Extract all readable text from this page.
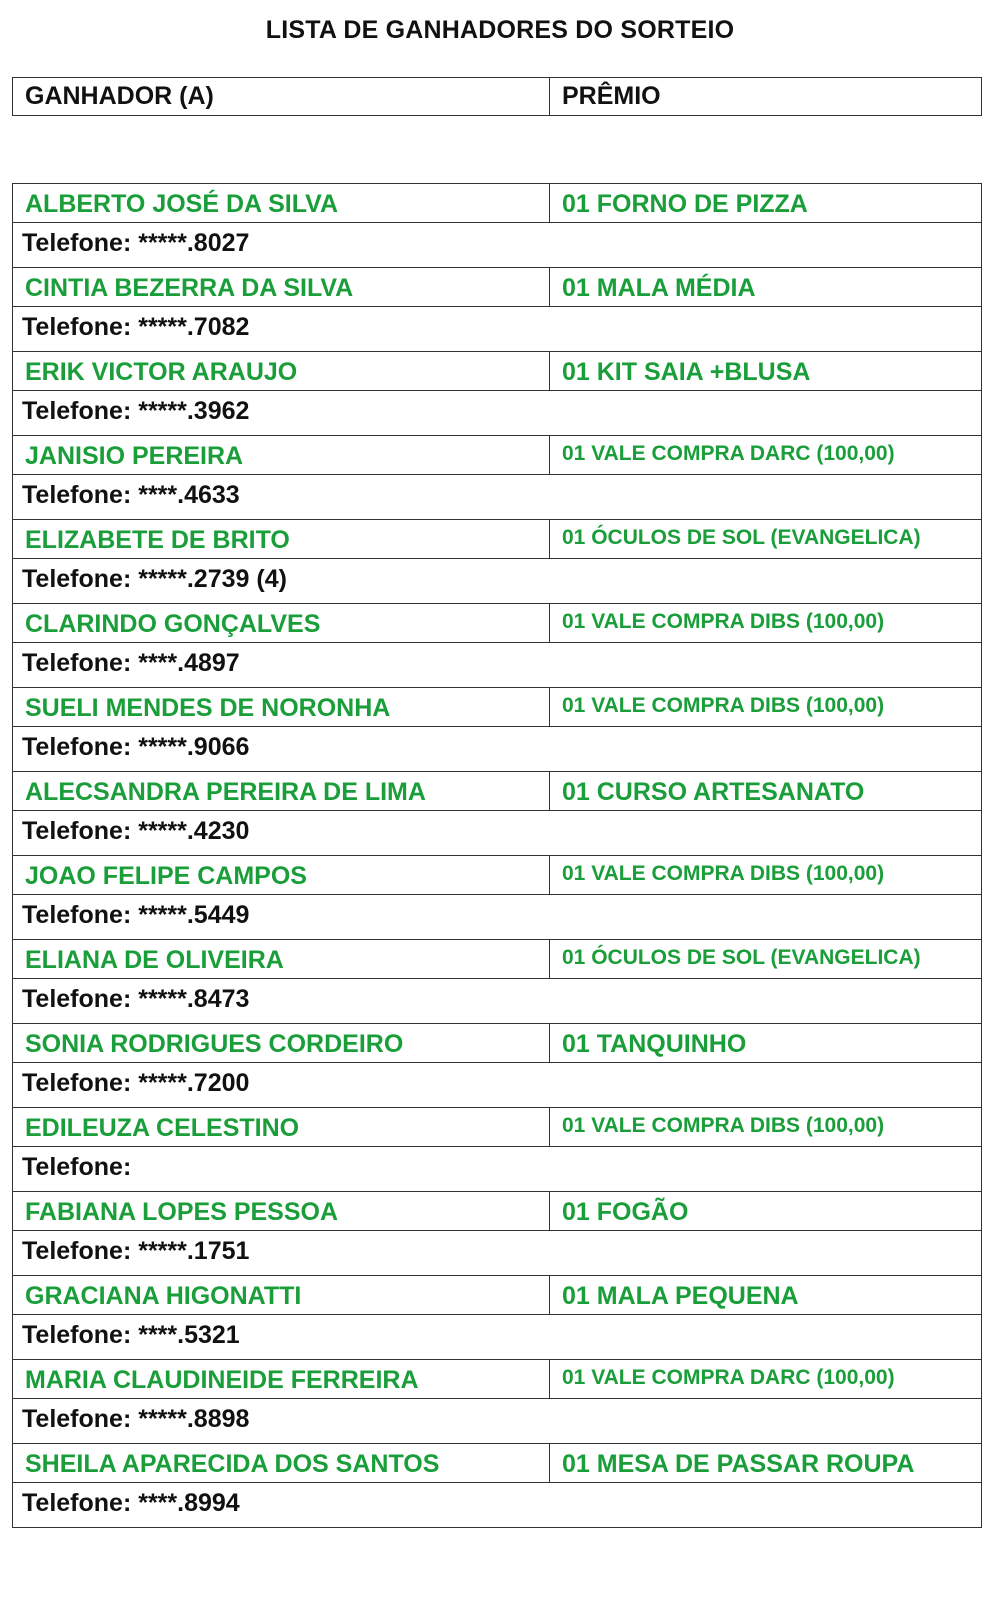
LISTA DE GANHADORES DO SORTEIO
GANHADOR (A)	PRÊMIO
ALBERTO JOSÉ DA SILVA	01 FORNO DE PIZZA
Telefone: *****.8027
CINTIA BEZERRA DA SILVA	01 MALA MÉDIA
Telefone: *****.7082
ERIK VICTOR ARAUJO	01 KIT SAIA +BLUSA
Telefone: *****.3962
JANISIO PEREIRA	01 VALE COMPRA DARC (100,00)
Telefone: ****.4633
ELIZABETE DE BRITO	01 ÓCULOS DE SOL (EVANGELICA)
Telefone: *****.2739 (4)
CLARINDO GONÇALVES	01 VALE COMPRA DIBS (100,00)
Telefone: ****.4897
SUELI MENDES DE NORONHA	01 VALE COMPRA DIBS (100,00)
Telefone: *****.9066
ALECSANDRA PEREIRA DE LIMA	01 CURSO ARTESANATO
Telefone: *****.4230
JOAO FELIPE CAMPOS	01 VALE COMPRA DIBS (100,00)
Telefone: *****.5449
ELIANA DE OLIVEIRA	01 ÓCULOS DE SOL (EVANGELICA)
Telefone: *****.8473
SONIA RODRIGUES CORDEIRO	01 TANQUINHO
Telefone: *****.7200
EDILEUZA CELESTINO	01 VALE COMPRA DIBS (100,00)
Telefone:
FABIANA LOPES PESSOA	01 FOGÃO
Telefone: *****.1751
GRACIANA HIGONATTI	01 MALA PEQUENA
Telefone: ****.5321
MARIA CLAUDINEIDE FERREIRA	01 VALE COMPRA DARC (100,00)
Telefone: *****.8898
SHEILA APARECIDA DOS SANTOS	01 MESA DE PASSAR ROUPA
Telefone: ****.8994
